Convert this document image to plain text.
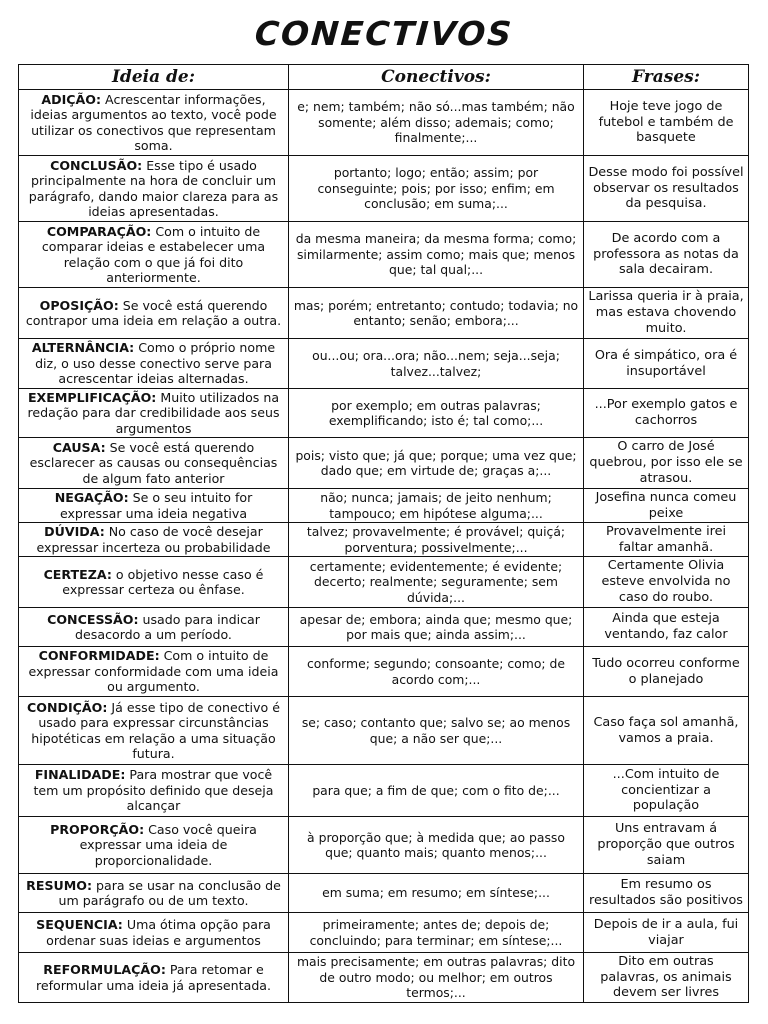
CONECTIVOS
Ideia de:	Conectivos:	Frases:
ADIÇÃO: Acrescentar informações, ideias argumentos ao texto, você pode utilizar os conectivos que representam soma.	e; nem; também; não só...mas também; não somente; além disso; ademais; como; finalmente;...	Hoje teve jogo de futebol e também de basquete
CONCLUSÃO: Esse tipo é usado principalmente na hora de concluir um parágrafo, dando maior clareza para as ideias apresentadas.	portanto; logo; então; assim; por conseguinte; pois; por isso; enfim; em conclusão; em suma;...	Desse modo foi possível observar os resultados da pesquisa.
COMPARAÇÃO: Com o intuito de comparar ideias e estabelecer uma relação com o que já foi dito anteriormente.	da mesma maneira; da mesma forma; como; similarmente; assim como; mais que; menos que; tal qual;...	De acordo com a professora as notas da sala decairam.
OPOSIÇÃO: Se você está querendo contrapor uma ideia em relação a outra.	mas; porém; entretanto; contudo; todavia; no entanto; senão; embora;...	Larissa queria ir à praia, mas estava chovendo muito.
ALTERNÂNCIA: Como o próprio nome diz, o uso desse conectivo serve para acrescentar ideias alternadas.	ou...ou; ora...ora; não...nem; seja...seja; talvez...talvez;	Ora é simpático, ora é insuportável
EXEMPLIFICAÇÃO: Muito utilizados na redação para dar credibilidade aos seus argumentos	por exemplo; em outras palavras; exemplificando; isto é; tal como;...	...Por exemplo gatos e cachorros
CAUSA: Se você está querendo esclarecer as causas ou consequências de algum fato anterior	pois; visto que; já que; porque; uma vez que; dado que; em virtude de; graças a;...	O carro de José quebrou, por isso ele se atrasou.
NEGAÇÃO: Se o seu intuito for expressar uma ideia negativa	não; nunca; jamais; de jeito nenhum; tampouco; em hipótese alguma;...	Josefina nunca comeu peixe
DÚVIDA: No caso de você desejar expressar incerteza ou probabilidade	talvez; provavelmente; é provável; quiçá; porventura; possivelmente;...	Provavelmente irei faltar amanhã.
CERTEZA: o objetivo nesse caso é expressar certeza ou ênfase.	certamente; evidentemente; é evidente; decerto; realmente; seguramente; sem dúvida;...	Certamente Olivia esteve envolvida no caso do roubo.
CONCESSÃO: usado para indicar desacordo a um período.	apesar de; embora; ainda que; mesmo que; por mais que; ainda assim;...	Ainda que esteja ventando, faz calor
CONFORMIDADE: Com o intuito de expressar conformidade com uma ideia ou argumento.	conforme; segundo; consoante; como; de acordo com;...	Tudo ocorreu conforme o planejado
CONDIÇÃO: Já esse tipo de conectivo é usado para expressar circunstâncias hipotéticas em relação a uma situação futura.	se; caso; contanto que; salvo se; ao menos que; a não ser que;...	Caso faça sol amanhã, vamos a praia.
FINALIDADE: Para mostrar que você tem um propósito definido que deseja alcançar	para que; a fim de que; com o fito de;...	...Com intuito de concientizar a população
PROPORÇÃO: Caso você queira expressar uma ideia de proporcionalidade.	à proporção que; à medida que; ao passo que; quanto mais; quanto menos;...	Uns entravam á proporção que outros saiam
RESUMO: para se usar na conclusão de um parágrafo ou de um texto.	em suma; em resumo; em síntese;...	Em resumo os resultados são positivos
SEQUENCIA: Uma ótima opção para ordenar suas ideias e argumentos	primeiramente; antes de; depois de; concluindo; para terminar; em síntese;...	Depois de ir a aula, fui viajar
REFORMULAÇÃO: Para retomar e reformular uma ideia já apresentada.	mais precisamente; em outras palavras; dito de outro modo; ou melhor; em outros termos;...	Dito em outras palavras, os animais devem ser livres
